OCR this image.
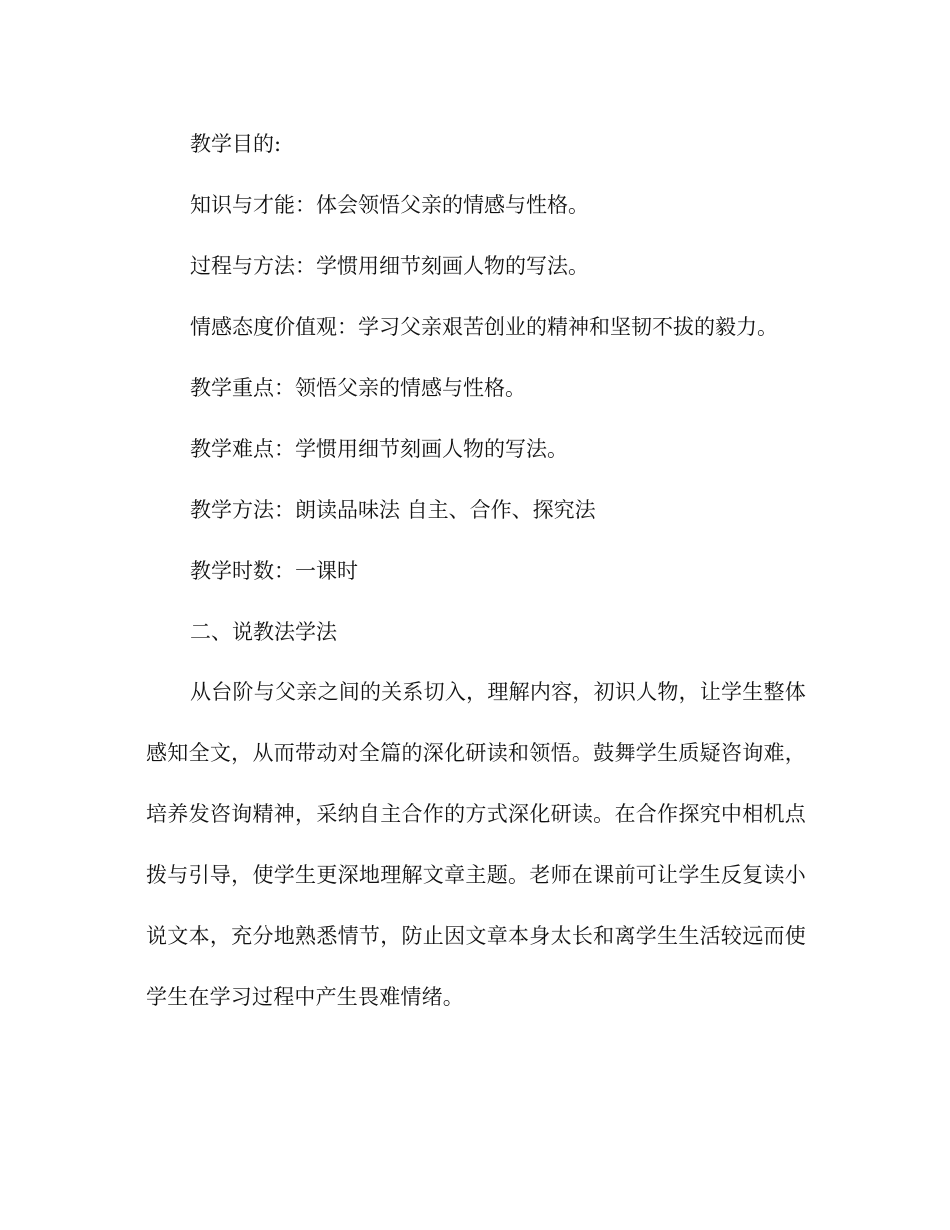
教学目的:
知识与才能：体会领悟父亲的情感与性格。
过程与方法：学惯用细节刻画人物的写法。
情感态度价值观：学习父亲艰苦创业的精神和坚韧不拔的毅力。
教学重点：领悟父亲的情感与性格。
教学难点：学惯用细节刻画人物的写法。
教学方法：朗读品味法 自主、合作、探究法
教学时数：一课时
二、说教法学法
从台阶与父亲之间的关系切入，理解内容，初识人物，让学生整体感知全文，从而带动对全篇的深化研读和领悟。鼓舞学生质疑咨询难，培养发咨询精神，采纳自主合作的方式深化研读。在合作探究中相机点拨与引导，使学生更深地理解文章主题。老师在课前可让学生反复读小说文本，充分地熟悉情节，防止因文章本身太长和离学生生活较远而使学生在学习过程中产生畏难情绪。
